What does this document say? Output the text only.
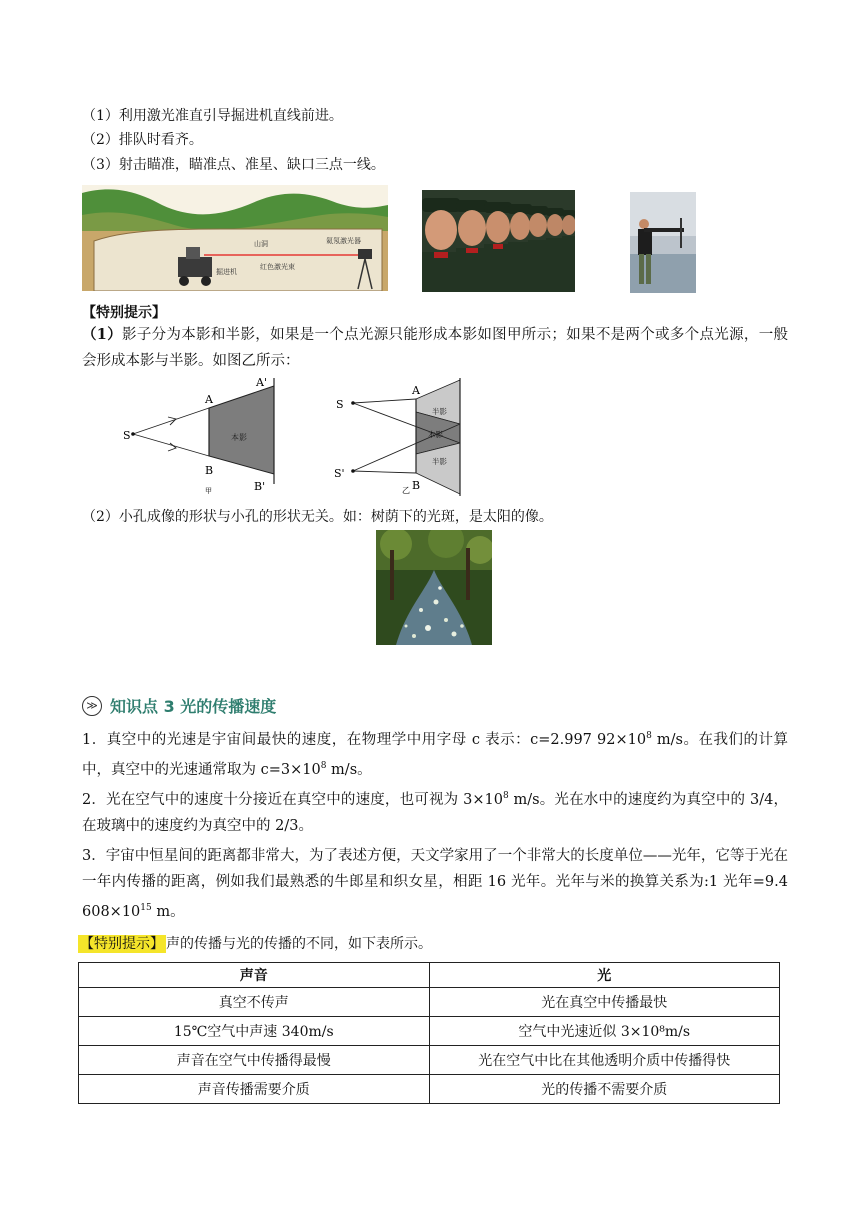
（1）利用激光准直引导掘进机直线前进。
（2）排队时看齐。
（3）射击瞄准，瞄准点、准星、缺口三点一线。
山洞	氦氖激光器
红色激光束
掘进机
【特别提示】
（1）影子分为本影和半影，如果是一个点光源只能形成本影如图甲所示；如果不是两个或多个点光源，一般会形成本影与半影。如图乙所示：
S
A
A'
B
B'
本影
甲
S
S'
A
B
半影
本影
半影
乙
（2）小孔成像的形状与小孔的形状无关。如：树荫下的光斑，是太阳的像。
≫ 知识点 3 光的传播速度
1．真空中的光速是宇宙间最快的速度，在物理学中用字母 c 表示：c=2.997 $92\times 10^8$ m/s。在我们的计算中，真空中的光速通常取为 $c=3\times 10^8$ m/s。
2．光在空气中的速度十分接近在真空中的速度，也可视为 $3\times 10^8$ m/s。光在水中的速度约为真空中的 3/4，在玻璃中的速度约为真空中的 2/3。
3．宇宙中恒星间的距离都非常大，为了表述方便，天文学家用了一个非常大的长度单位——光年，它等于光在一年内传播的距离，例如我们最熟悉的牛郎星和织女星，相距 16 光年。光年与米的换算关系为:1 光年=9.4 $608\times 10^{15}$ m。
【特别提示】 声的传播与光的传播的不同，如下表所示。
声音	光
真空不传声	光在真空中传播最快
15℃空气中声速 340m/s	空气中光速近似 3×10⁸m/s
声音在空气中传播得最慢	光在空气中比在其他透明介质中传播得快
声音传播需要介质	光的传播不需要介质
